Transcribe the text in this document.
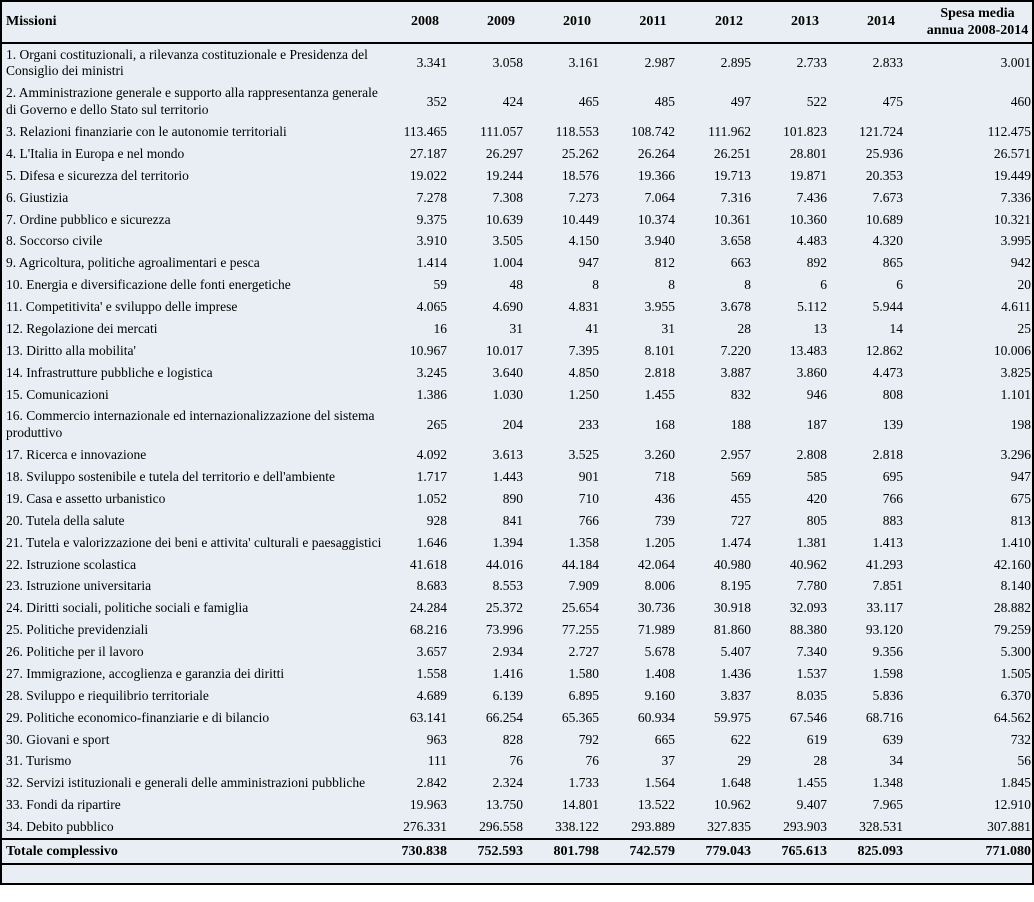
Missioni	2008	2009	2010	2011	2012	2013	2014	Spesa media annua 2008-2014
1. Organi costituzionali, a rilevanza costituzionale e Presidenza del Consiglio dei ministri	3.341	3.058	3.161	2.987	2.895	2.733	2.833	3.001
2. Amministrazione generale e supporto alla rappresentanza generale di Governo e dello Stato sul territorio	352	424	465	485	497	522	475	460
3. Relazioni finanziarie con le autonomie territoriali	113.465	111.057	118.553	108.742	111.962	101.823	121.724	112.475
4. L'Italia in Europa e nel mondo	27.187	26.297	25.262	26.264	26.251	28.801	25.936	26.571
5. Difesa e sicurezza del territorio	19.022	19.244	18.576	19.366	19.713	19.871	20.353	19.449
6. Giustizia	7.278	7.308	7.273	7.064	7.316	7.436	7.673	7.336
7. Ordine pubblico e sicurezza	9.375	10.639	10.449	10.374	10.361	10.360	10.689	10.321
8. Soccorso civile	3.910	3.505	4.150	3.940	3.658	4.483	4.320	3.995
9. Agricoltura, politiche agroalimentari e pesca	1.414	1.004	947	812	663	892	865	942
10. Energia e diversificazione delle fonti energetiche	59	48	8	8	8	6	6	20
11. Competitivita' e sviluppo delle imprese	4.065	4.690	4.831	3.955	3.678	5.112	5.944	4.611
12. Regolazione dei mercati	16	31	41	31	28	13	14	25
13. Diritto alla mobilita'	10.967	10.017	7.395	8.101	7.220	13.483	12.862	10.006
14. Infrastrutture pubbliche e logistica	3.245	3.640	4.850	2.818	3.887	3.860	4.473	3.825
15. Comunicazioni	1.386	1.030	1.250	1.455	832	946	808	1.101
16. Commercio internazionale ed internazionalizzazione del sistema produttivo	265	204	233	168	188	187	139	198
17. Ricerca e innovazione	4.092	3.613	3.525	3.260	2.957	2.808	2.818	3.296
18. Sviluppo sostenibile e tutela del territorio e dell'ambiente	1.717	1.443	901	718	569	585	695	947
19. Casa e assetto urbanistico	1.052	890	710	436	455	420	766	675
20. Tutela della salute	928	841	766	739	727	805	883	813
21. Tutela e valorizzazione dei beni e attivita' culturali e paesaggistici	1.646	1.394	1.358	1.205	1.474	1.381	1.413	1.410
22. Istruzione scolastica	41.618	44.016	44.184	42.064	40.980	40.962	41.293	42.160
23. Istruzione universitaria	8.683	8.553	7.909	8.006	8.195	7.780	7.851	8.140
24. Diritti sociali, politiche sociali e famiglia	24.284	25.372	25.654	30.736	30.918	32.093	33.117	28.882
25. Politiche previdenziali	68.216	73.996	77.255	71.989	81.860	88.380	93.120	79.259
26. Politiche per il lavoro	3.657	2.934	2.727	5.678	5.407	7.340	9.356	5.300
27. Immigrazione, accoglienza e garanzia dei diritti	1.558	1.416	1.580	1.408	1.436	1.537	1.598	1.505
28. Sviluppo e riequilibrio territoriale	4.689	6.139	6.895	9.160	3.837	8.035	5.836	6.370
29. Politiche economico-finanziarie e di bilancio	63.141	66.254	65.365	60.934	59.975	67.546	68.716	64.562
30. Giovani e sport	963	828	792	665	622	619	639	732
31. Turismo	111	76	76	37	29	28	34	56
32. Servizi istituzionali e generali delle amministrazioni pubbliche	2.842	2.324	1.733	1.564	1.648	1.455	1.348	1.845
33. Fondi da ripartire	19.963	13.750	14.801	13.522	10.962	9.407	7.965	12.910
34. Debito pubblico	276.331	296.558	338.122	293.889	327.835	293.903	328.531	307.881
Totale complessivo	730.838	752.593	801.798	742.579	779.043	765.613	825.093	771.080
